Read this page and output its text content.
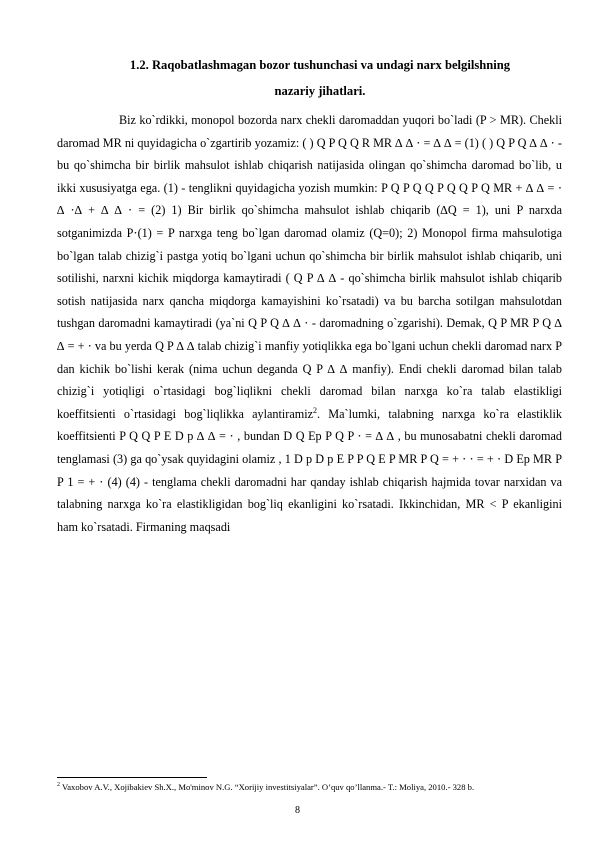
1.2. Raqobatlashmagan bozor tushunchasi va undagi narx belgilshning
nazariy jihatlari.

Biz ko`rdikki, monopol bozorda narx chekli daromaddan yuqori bo`ladi (P > MR). Chekli daromad MR ni quyidagicha o`zgartirib yozamiz: ( ) Q P Q Q R MR ∆ ∆ ⋅ = ∆ ∆ = (1) ( ) Q P Q ∆ ∆ ⋅ - bu qo`shimcha bir birlik mahsulot ishlab chiqarish natijasida olingan qo`shimcha daromad bo`lib, u ikki xususiyatga ega. (1) - tenglikni quyidagicha yozish mumkin: P Q P Q Q P Q Q P Q MR + ∆ ∆ = ⋅ ∆ ⋅∆ + ∆ ∆ ⋅ = (2) 1) Bir birlik qo`shimcha mahsulot ishlab chiqarib (∆Q = 1), uni P narxda sotganimizda P⋅(1) = P narxga teng bo`lgan daromad olamiz (Q=0); 2) Monopol firma mahsulotiga bo`lgan talab chizig`i pastga yotiq bo`lgani uchun qo`shimcha bir birlik mahsulot ishlab chiqarib, uni sotilishi, narxni kichik miqdorga kamaytiradi ( Q P ∆ ∆ - qo`shimcha birlik mahsulot ishlab chiqarib sotish natijasida narx qancha miqdorga kamayishini ko`rsatadi) va bu barcha sotilgan mahsulotdan tushgan daromadni kamaytiradi (ya`ni Q P Q ∆ ∆ ⋅ - daromadning o`zgarishi). Demak, Q P MR P Q ∆ ∆ = + ⋅ va bu yerda Q P ∆ ∆ talab chizig`i manfiy yotiqlikka ega bo`lgani uchun chekli daromad narx P dan kichik bo`lishi kerak (nima uchun deganda Q P ∆ ∆ manfiy). Endi chekli daromad bilan talab chizig`i yotiqligi o`rtasidagi bog`liqlikni chekli daromad bilan narxga ko`ra talab elastikligi koeffitsienti o`rtasidagi bog`liqlikka aylantiramiz$^2$. Ma`lumki, talabning narxga ko`ra elastiklik koeffitsienti P Q Q P E D p ∆ ∆ = ⋅ , bundan D Q Ep P Q P ⋅ = ∆ ∆ , bu munosabatni chekli daromad tenglamasi (3) ga qo`ysak quyidagini olamiz , 1 D p D p E P P Q E P MR P Q = + ⋅ ⋅ = + ⋅ D Ep MR P P 1 = + ⋅ (4) (4) - tenglama chekli daromadni har qanday ishlab chiqarish hajmida tovar narxidan va talabning narxga ko`ra elastikligidan bog`liq ekanligini ko`rsatadi. Ikkinchidan, MR < P ekanligini ham ko`rsatadi. Firmaning maqsadi

$^2$ Vaxobov A.V., Xojibakiev Sh.X., Mo'minov N.G. “Xorijiy investitsiyalar”. O’quv qo’llanma.- T.: Moliya, 2010.- 328 b.
8
